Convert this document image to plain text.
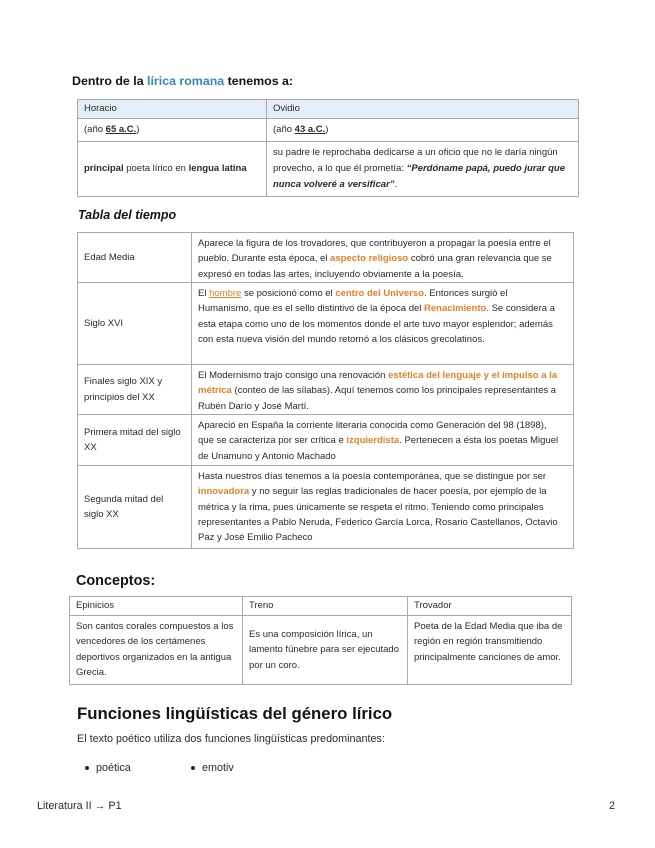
Dentro de la lírica romana tenemos a:
Horacio	Ovidio
(año 65 a.C.)	(año 43 a.C.)
principal poeta lírico en lengua latina	su padre le reprochaba dedicarse a un oficio que no le daría ningún provecho, a lo que él prometía: “Perdóname papá, puedo jurar que nunca volveré a versificar”.
Tabla del tiempo
Edad Media	Aparece la figura de los trovadores, que contribuyeron a propagar la poesía entre el pueblo. Durante esta época, el aspecto religioso cobró una gran relevancia que se expresó en todas las artes, incluyendo obviamente a la poesía.
Siglo XVI	El hombre se posicionó como el centro del Universo. Entonces surgió el Humanismo, que es el sello distintivo de la época del Renacimiento. Se considera a esta etapa como uno de los momentos donde el arte tuvo mayor esplendor; además con esta nueva visión del mundo retornó a los clásicos grecolatinos.
Finales siglo XIX y principios del XX	El Modernismo trajo consigo una renovación estética del lenguaje y el impulso a la métrica (conteo de las sílabas). Aquí tenemos como los principales representantes a Rubén Darío y José Martí.
Primera mitad del siglo XX	Apareció en España la corriente literaria conocida como Generación del 98 (1898), que se caracteriza por ser crítica e izquierdista. Pertenecen a ésta los poetas Miguel de Unamuno y Antonio Machado
Segunda mitad del siglo XX	Hasta nuestros días tenemos a la poesía contemporánea, que se distingue por ser innovadora y no seguir las reglas tradicionales de hacer poesía, por ejemplo de la métrica y la rima, pues únicamente se respeta el ritmo. Teniendo como principales representantes a Pablo Neruda, Federico García Lorca, Rosario Castellanos, Octavio Paz y José Emilio Pacheco
Conceptos:
Epinicios	Treno	Trovador
Son cantos corales compuestos a los vencedores de los certámenes deportivos organizados en la antigua Grecia.	Es una composición lírica, un lamento fúnebre para ser ejecutado por un coro.	Poeta de la Edad Media que iba de región en región transmitiendo principalmente canciones de amor.
Funciones lingüísticas del género lírico

El texto poético utiliza dos funciones lingüísticas predominantes:

poética	emotiv
Literatura II → P1	2
